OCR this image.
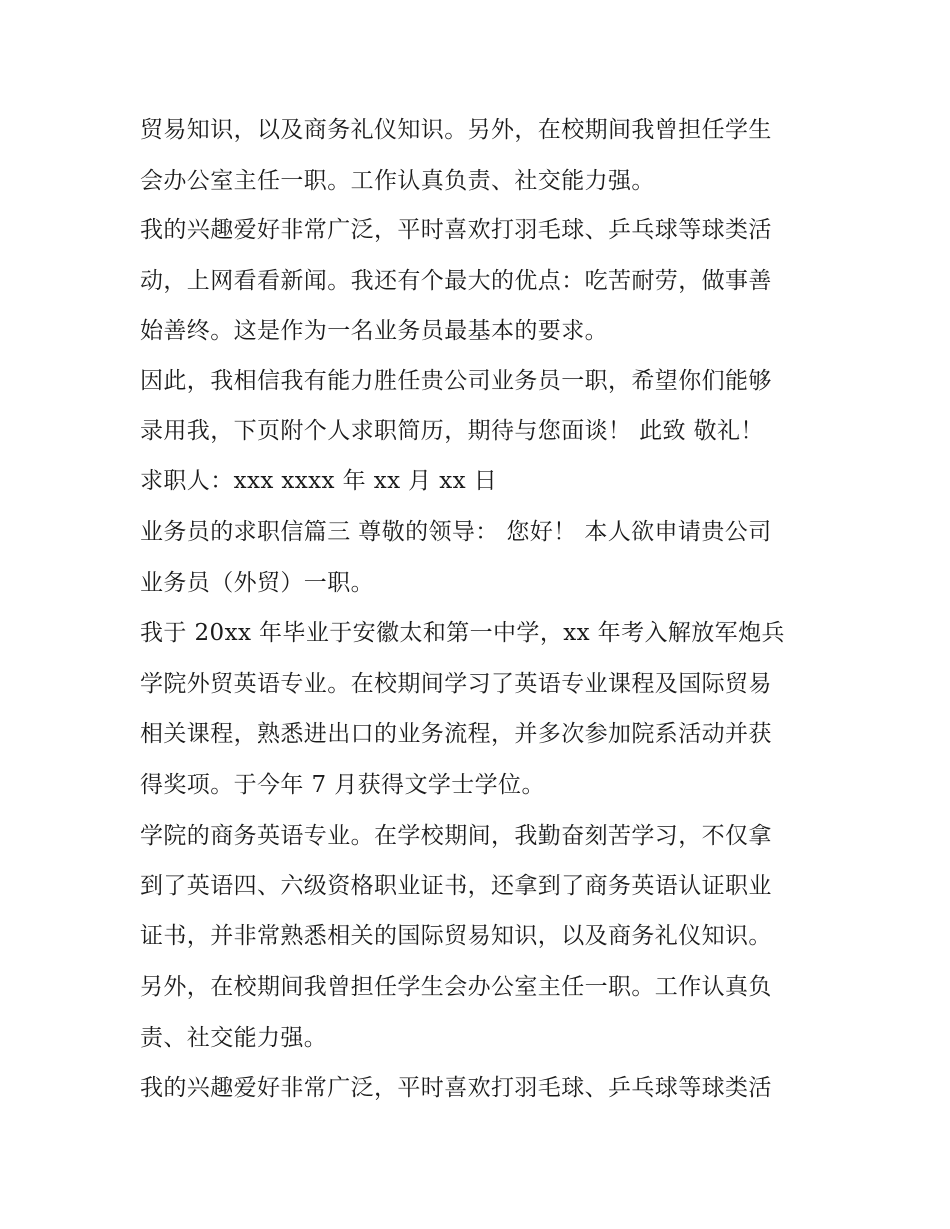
贸易知识，以及商务礼仪知识。另外，在校期间我曾担任学生
会办公室主任一职。工作认真负责、社交能力强。
我的兴趣爱好非常广泛，平时喜欢打羽毛球、乒乓球等球类活
动，上网看看新闻。我还有个最大的优点：吃苦耐劳，做事善
始善终。这是作为一名业务员最基本的要求。
因此，我相信我有能力胜任贵公司业务员一职，希望你们能够
录用我，下页附个人求职简历，期待与您面谈！ 此致 敬礼！
求职人：xxx xxxx 年 xx 月 xx 日
业务员的求职信篇三 尊敬的领导： 您好！ 本人欲申请贵公司
业务员（外贸）一职。
我于 20xx 年毕业于安徽太和第一中学，xx 年考入解放军炮兵
学院外贸英语专业。在校期间学习了英语专业课程及国际贸易
相关课程，熟悉进出口的业务流程，并多次参加院系活动并获
得奖项。于今年 7 月获得文学士学位。
学院的商务英语专业。在学校期间，我勤奋刻苦学习，不仅拿
到了英语四、六级资格职业证书，还拿到了商务英语认证职业
证书，并非常熟悉相关的国际贸易知识，以及商务礼仪知识。
另外，在校期间我曾担任学生会办公室主任一职。工作认真负
责、社交能力强。
我的兴趣爱好非常广泛，平时喜欢打羽毛球、乒乓球等球类活
